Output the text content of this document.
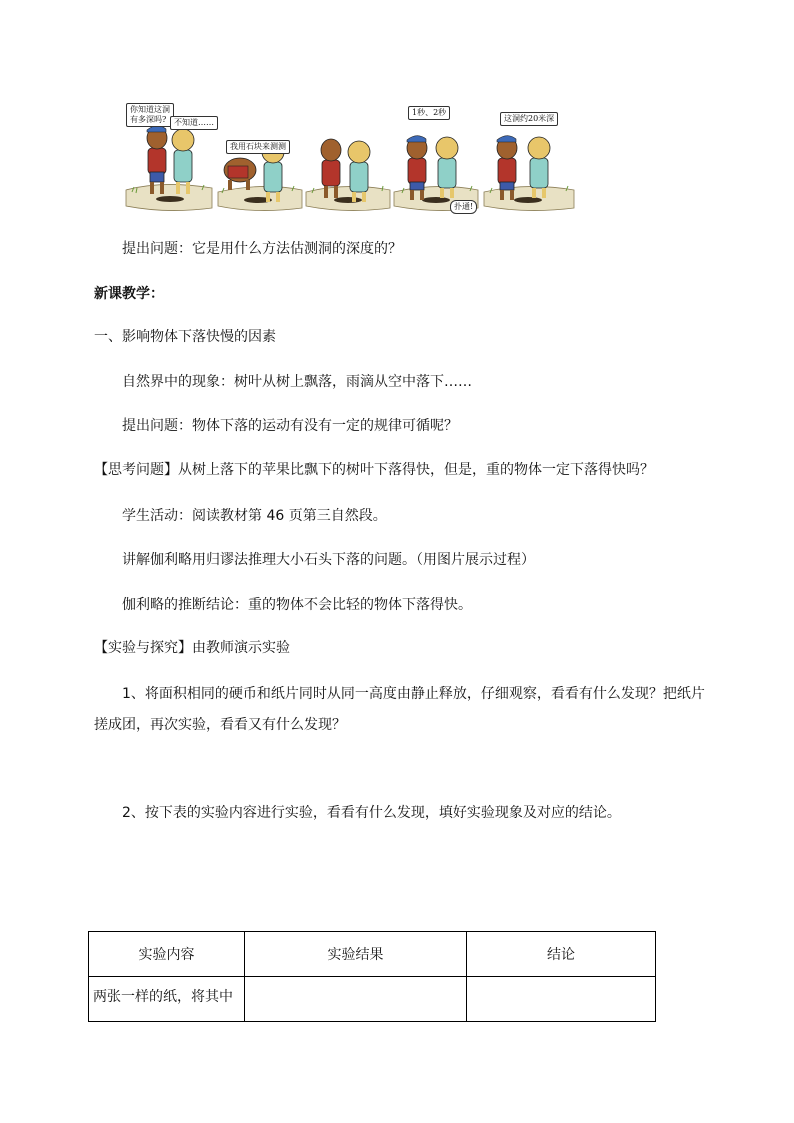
你知道这洞
有多深吗? 不知道……
我用石块来测测
1秒、2秒
这洞约20米深
扑通!
提出问题：它是用什么方法估测洞的深度的？
新课教学：
一、影响物体下落快慢的因素
自然界中的现象：树叶从树上飘落，雨滴从空中落下……
提出问题：物体下落的运动有没有一定的规律可循呢？
【思考问题】从树上落下的苹果比飘下的树叶下落得快，但是，重的物体一定下落得快吗？
学生活动：阅读教材第 46 页第三自然段。
讲解伽利略用归谬法推理大小石头下落的问题。（用图片展示过程）
伽利略的推断结论：重的物体不会比轻的物体下落得快。
【实验与探究】由教师演示实验
1、将面积相同的硬币和纸片同时从同一高度由静止释放，仔细观察，看看有什么发现？把纸片
搓成团，再次实验，看看又有什么发现？
2、按下表的实验内容进行实验，看看有什么发现，填好实验现象及对应的结论。
实验内容	实验结果	结论
两张一样的纸，将其中		
